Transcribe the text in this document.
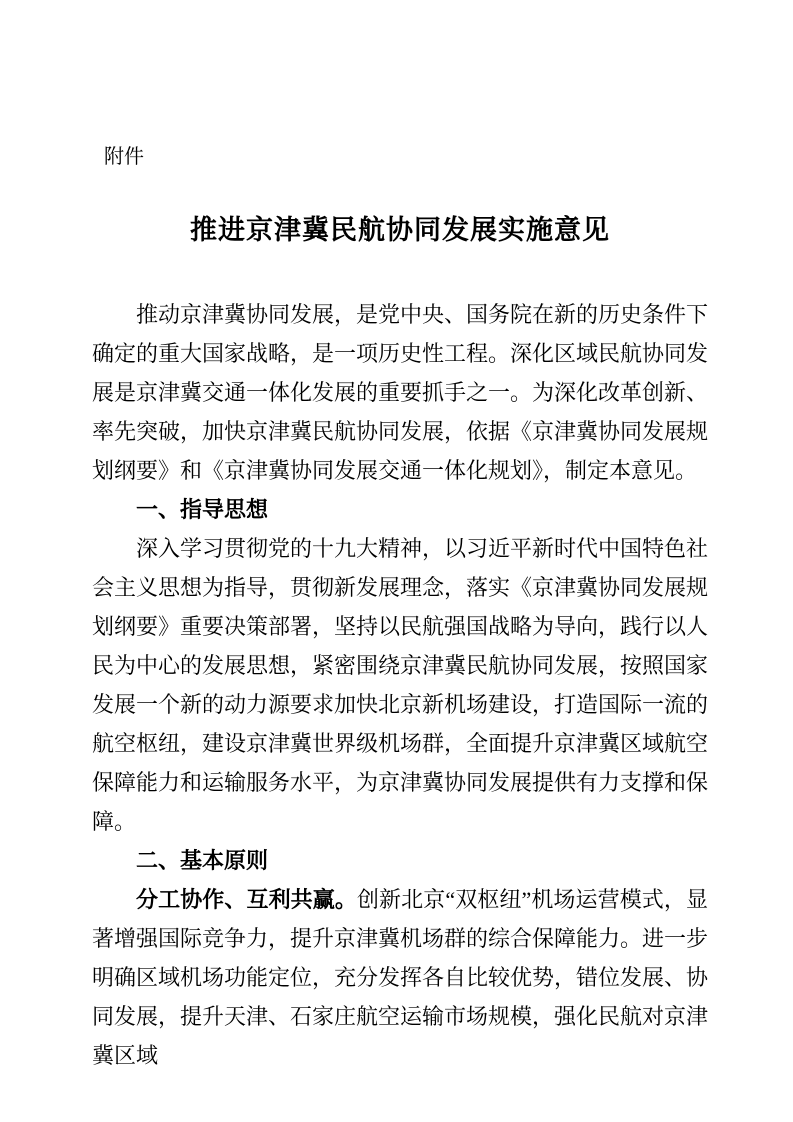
附件
推进京津冀民航协同发展实施意见

推动京津冀协同发展，是党中央、国务院在新的历史条件下确定的重大国家战略，是一项历史性工程。深化区域民航协同发展是京津冀交通一体化发展的重要抓手之一。为深化改革创新、率先突破，加快京津冀民航协同发展，依据《京津冀协同发展规划纲要》和《京津冀协同发展交通一体化规划》，制定本意见。

一、指导思想

深入学习贯彻党的十九大精神，以习近平新时代中国特色社会主义思想为指导，贯彻新发展理念，落实《京津冀协同发展规划纲要》重要决策部署，坚持以民航强国战略为导向，践行以人民为中心的发展思想，紧密围绕京津冀民航协同发展，按照国家发展一个新的动力源要求加快北京新机场建设，打造国际一流的航空枢纽，建设京津冀世界级机场群，全面提升京津冀区域航空保障能力和运输服务水平，为京津冀协同发展提供有力支撑和保障。

二、基本原则

分工协作、互利共赢。创新北京“双枢纽”机场运营模式，显著增强国际竞争力，提升京津冀机场群的综合保障能力。进一步明确区域机场功能定位，充分发挥各自比较优势，错位发展、协同发展，提升天津、石家庄航空运输市场规模，强化民航对京津冀区域
